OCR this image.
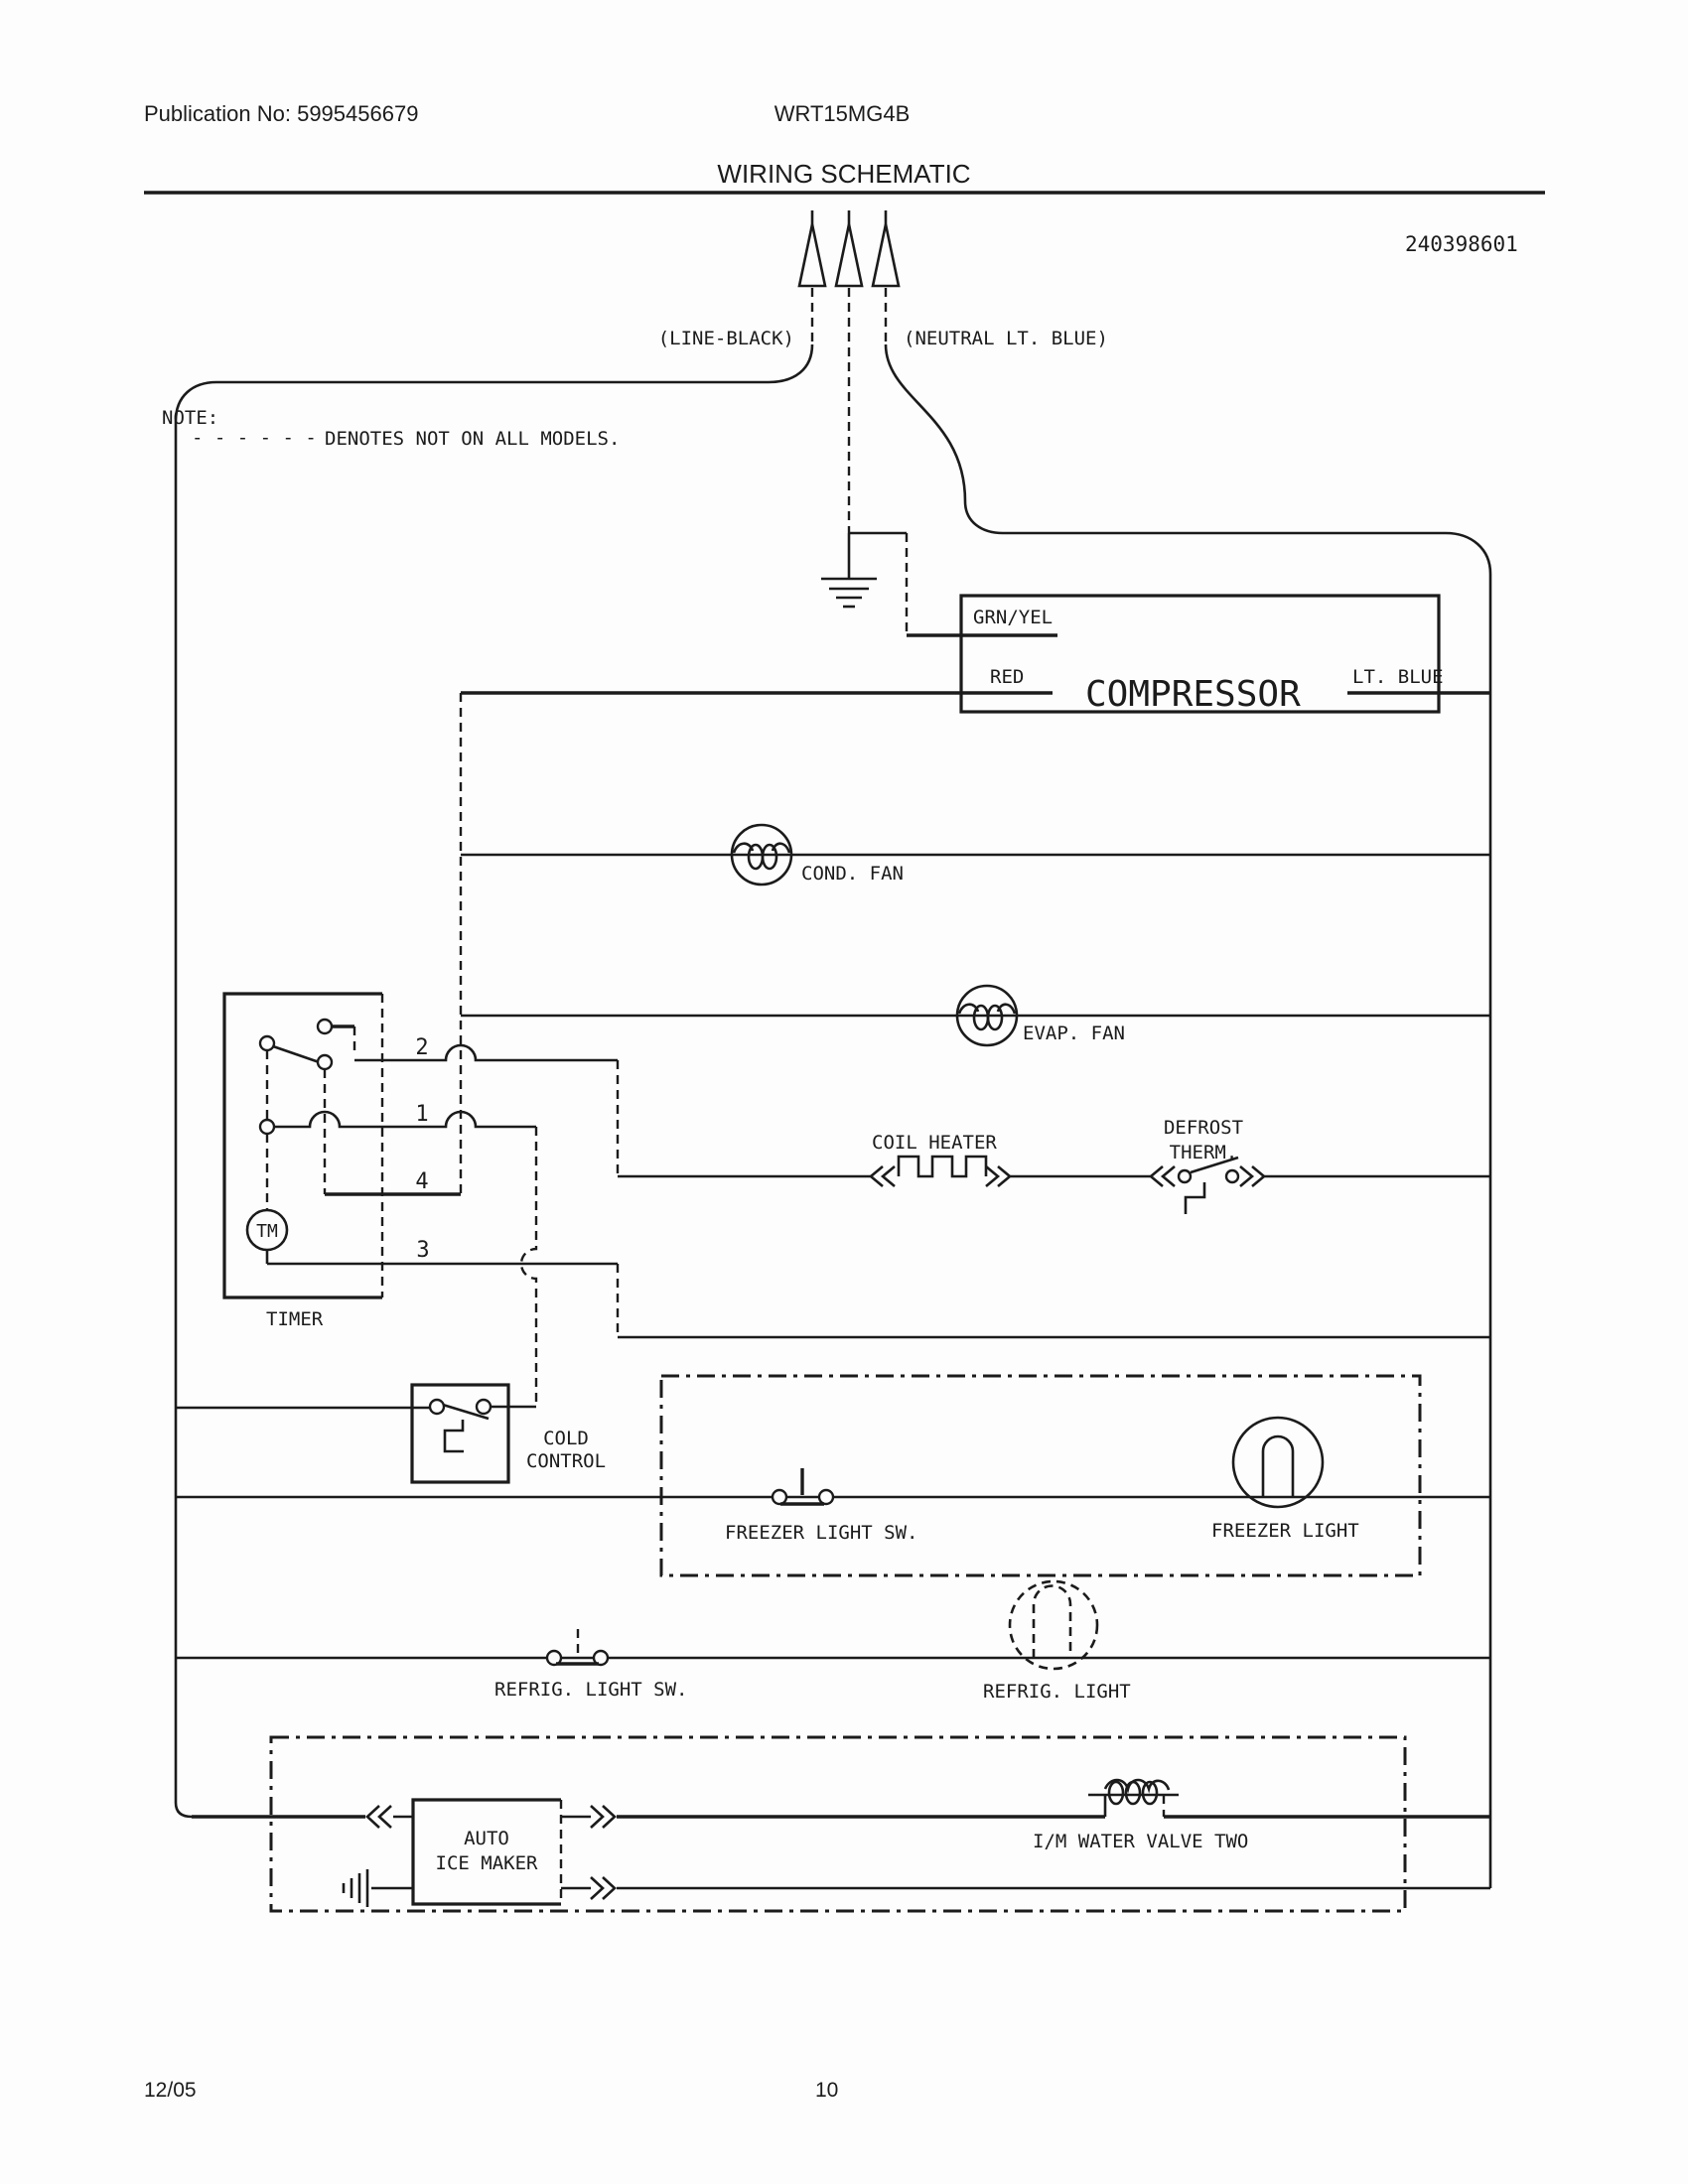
Publication No: 5995456679	WRT15MG4B
WIRING SCHEMATIC
240398601
NOTE:
- - - - - - DENOTES NOT ON ALL MODELS.
(LINE-BLACK)	(NEUTRAL LT. BLUE)
GRN/YEL
RED	LT. BLUE
COMPRESSOR
COND. FAN
EVAP. FAN
COIL HEATER
DEFROST
THERM.
TIMER
TM
2
1
4
3
COLD
CONTROL
FREEZER LIGHT SW.	FREEZER LIGHT
REFRIG. LIGHT SW.	REFRIG. LIGHT
AUTO
ICE MAKER
I/M WATER VALVE TWO
12/05	10
